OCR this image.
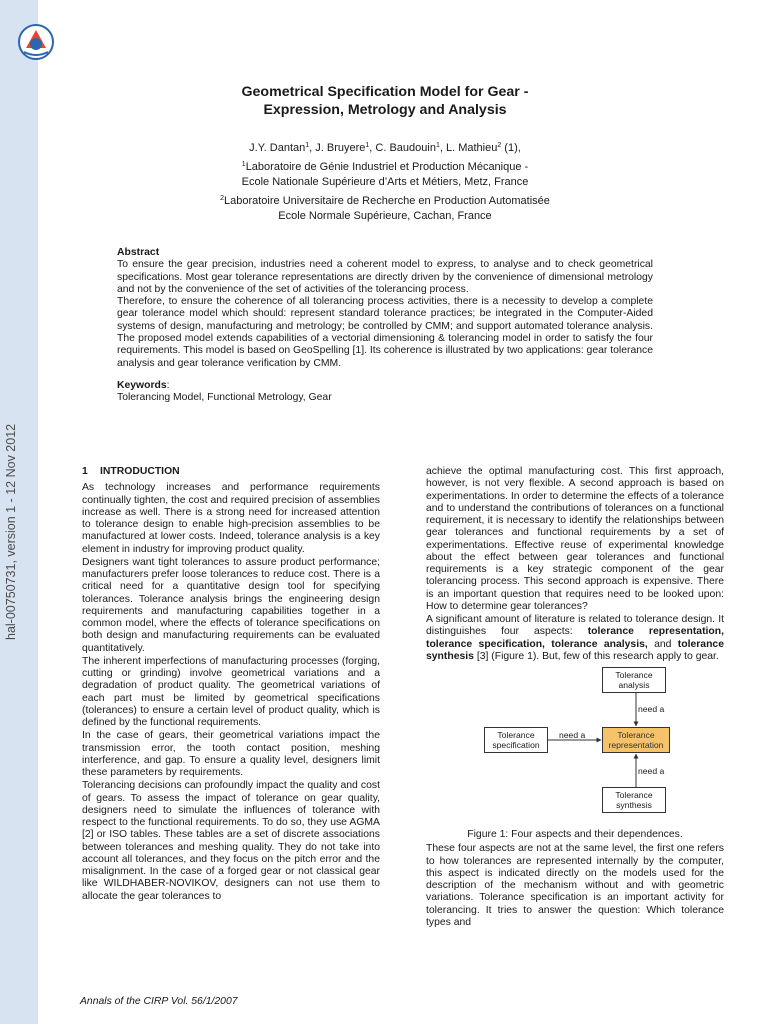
Geometrical Specification Model for Gear -
Expression, Metrology and Analysis
J.Y. Dantan$^1$, J. Bruyere$^1$, C. Baudouin$^1$, L. Mathieu$^2$ (1),
$^1$Laboratoire de Génie Industriel et Production Mécanique -
Ecole Nationale Supérieure d’Arts et Métiers, Metz, France
$^2$Laboratoire Universitaire de Recherche en Production Automatisée
Ecole Normale Supérieure, Cachan, France
Abstract

To ensure the gear precision, industries need a coherent model to express, to analyse and to check geometrical specifications. Most gear tolerance representations are directly driven by the convenience of dimensional metrology and not by the convenience of the set of activities of the tolerancing process.

Therefore, to ensure the coherence of all tolerancing process activities, there is a necessity to develop a complete gear tolerance model which should: represent standard tolerance practices; be integrated in the Computer-Aided systems of design, manufacturing and metrology; be controlled by CMM; and support automated tolerance analysis. The proposed model extends capabilities of a vectorial dimensioning & tolerancing model in order to satisfy the four requirements. This model is based on GeoSpelling [1]. Its coherence is illustrated by two applications: gear tolerance analysis and gear tolerance verification by CMM.

Keywords:
Tolerancing Model, Functional Metrology, Gear
1 INTRODUCTION

As technology increases and performance requirements continually tighten, the cost and required precision of assemblies increase as well. There is a strong need for increased attention to tolerance design to enable high-precision assemblies to be manufactured at lower costs. Indeed, tolerance analysis is a key element in industry for improving product quality.

Designers want tight tolerances to assure product performance; manufacturers prefer loose tolerances to reduce cost. There is a critical need for a quantitative design tool for specifying tolerances. Tolerance analysis brings the engineering design requirements and manufacturing capabilities together in a common model, where the effects of tolerance specifications on both design and manufacturing requirements can be evaluated quantitatively.

The inherent imperfections of manufacturing processes (forging, cutting or grinding) involve geometrical variations and a degradation of product quality. The geometrical variations of each part must be limited by geometrical specifications (tolerances) to ensure a certain level of product quality, which is defined by the functional requirements.

In the case of gears, their geometrical variations impact the transmission error, the tooth contact position, meshing interference, and gap. To ensure a quality level, designers limit these parameters by requirements.

Tolerancing decisions can profoundly impact the quality and cost of gears. To assess the impact of tolerance on gear quality, designers need to simulate the influences of tolerance with respect to the functional requirements. To do so, they use AGMA [2] or ISO tables. These tables are a set of discrete associations between tolerances and meshing quality. They do not take into account all tolerances, and they focus on the pitch error and the misalignment. In the case of a forged gear or not classical gear like WILDHABER-NOVIKOV, designers can not use them to allocate the gear tolerances to

achieve the optimal manufacturing cost. This first approach, however, is not very flexible. A second approach is based on experimentations. In order to determine the effects of a tolerance and to understand the contributions of tolerances on a functional requirement, it is necessary to identify the relationships between gear tolerances and functional requirements by a set of experimentations. Effective reuse of experimental knowledge about the effect between gear tolerances and functional requirements is a key strategic component of the gear tolerancing process. This second approach is expensive. There is an important question that requires need to be looked upon: How to determine gear tolerances?

A significant amount of literature is related to tolerance design. It distinguishes four aspects: tolerance representation, tolerance specification, tolerance analysis, and tolerance synthesis [3] (Figure 1). But, few of this research apply to gear.

Tolerance
analysis
Tolerance
specification
Tolerance
representation
Tolerance
synthesis
need a
need a
need a
Figure 1: Four aspects and their dependences.

These four aspects are not at the same level, the first one refers to how tolerances are represented internally by the computer, this aspect is indicated directly on the models used for the description of the mechanism without and with geometric variations. Tolerance specification is an important activity for tolerancing. It tries to answer the question: Which tolerance types and

Annals of the CIRP Vol. 56/1/2007
